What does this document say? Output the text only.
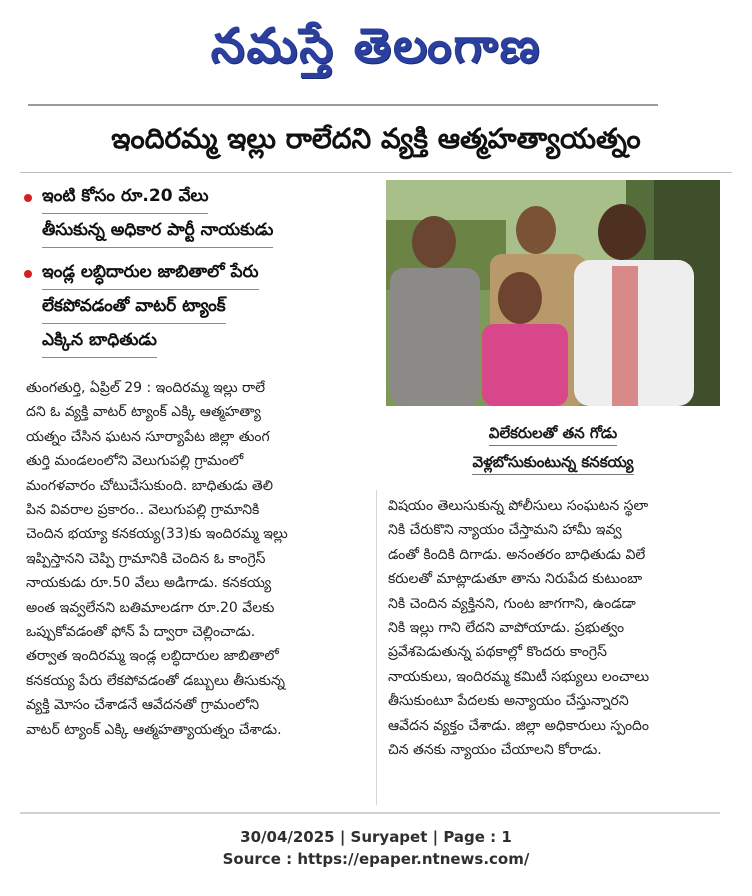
నమస్తే తెలంగాణ
ఇందిరమ్మ ఇల్లు రాలేదని వ్యక్తి ఆత్మహత్యాయత్నం
ఇంటి కోసం రూ.20 వేలు
తీసుకున్న అధికార పార్టీ నాయకుడు
ఇండ్ల లబ్ధిదారుల జాబితాలో పేరు
లేకపోవడంతో వాటర్ ట్యాంక్
ఎక్కిన బాధితుడు
విలేకరులతో తన గోడు
వెళ్లబోసుకుంటున్న కనకయ్య

తుంగతుర్తి, ఏప్రిల్ 29 : ఇందిరమ్మ ఇల్లు రాలే

దని ఓ వ్యక్తి వాటర్ ట్యాంక్ ఎక్కి ఆత్మహత్యా

యత్నం చేసిన ఘటన సూర్యాపేట జిల్లా తుంగ

తుర్తి మండలంలోని వెలుగుపల్లి గ్రామంలో

మంగళవారం చోటుచేసుకుంది. బాధితుడు తెలి

పిన వివరాల ప్రకారం.. వెలుగుపల్లి గ్రామానికి

చెందిన భయ్యా కనకయ్య(33)కు ఇందిరమ్మ ఇల్లు

ఇప్పిస్తానని చెప్పి గ్రామానికి చెందిన ఓ కాంగ్రెస్

నాయకుడు రూ.50 వేలు అడిగాడు. కనకయ్య

అంత ఇవ్వలేనని బతిమాలడగా రూ.20 వేలకు

ఒప్పుకోవడంతో ఫోన్ పే ద్వారా చెల్లించాడు.

తర్వాత ఇందిరమ్మ ఇండ్ల లబ్ధిదారుల జాబితాలో

కనకయ్య పేరు లేకపోవడంతో డబ్బులు తీసుకున్న

వ్యక్తి మోసం చేశాడనే ఆవేదనతో గ్రామంలోని

వాటర్ ట్యాంక్ ఎక్కి ఆత్మహత్యాయత్నం చేశాడు.

విషయం తెలుసుకున్న పోలీసులు సంఘటన స్థలా

నికి చేరుకొని న్యాయం చేస్తామని హామీ ఇవ్వ

డంతో కిందికి దిగాడు. అనంతరం బాధితుడు విలే

కరులతో మాట్లాడుతూ తాను నిరుపేద కుటుంబా

నికి చెందిన వ్యక్తినని, గుంట జాగగాని, ఉండడా

నికి ఇల్లు గాని లేదని వాపోయాడు. ప్రభుత్వం

ప్రవేశపెడుతున్న పథకాల్లో కొందరు కాంగ్రెస్

నాయకులు, ఇందిరమ్మ కమిటీ సభ్యులు లంచాలు

తీసుకుంటూ పేదలకు అన్యాయం చేస్తున్నారని

ఆవేదన వ్యక్తం చేశాడు. జిల్లా అధికారులు స్పందిం

చిన తనకు న్యాయం చేయాలని కోరాడు.

30/04/2025 | Suryapet | Page : 1
Source : https://epaper.ntnews.com/
